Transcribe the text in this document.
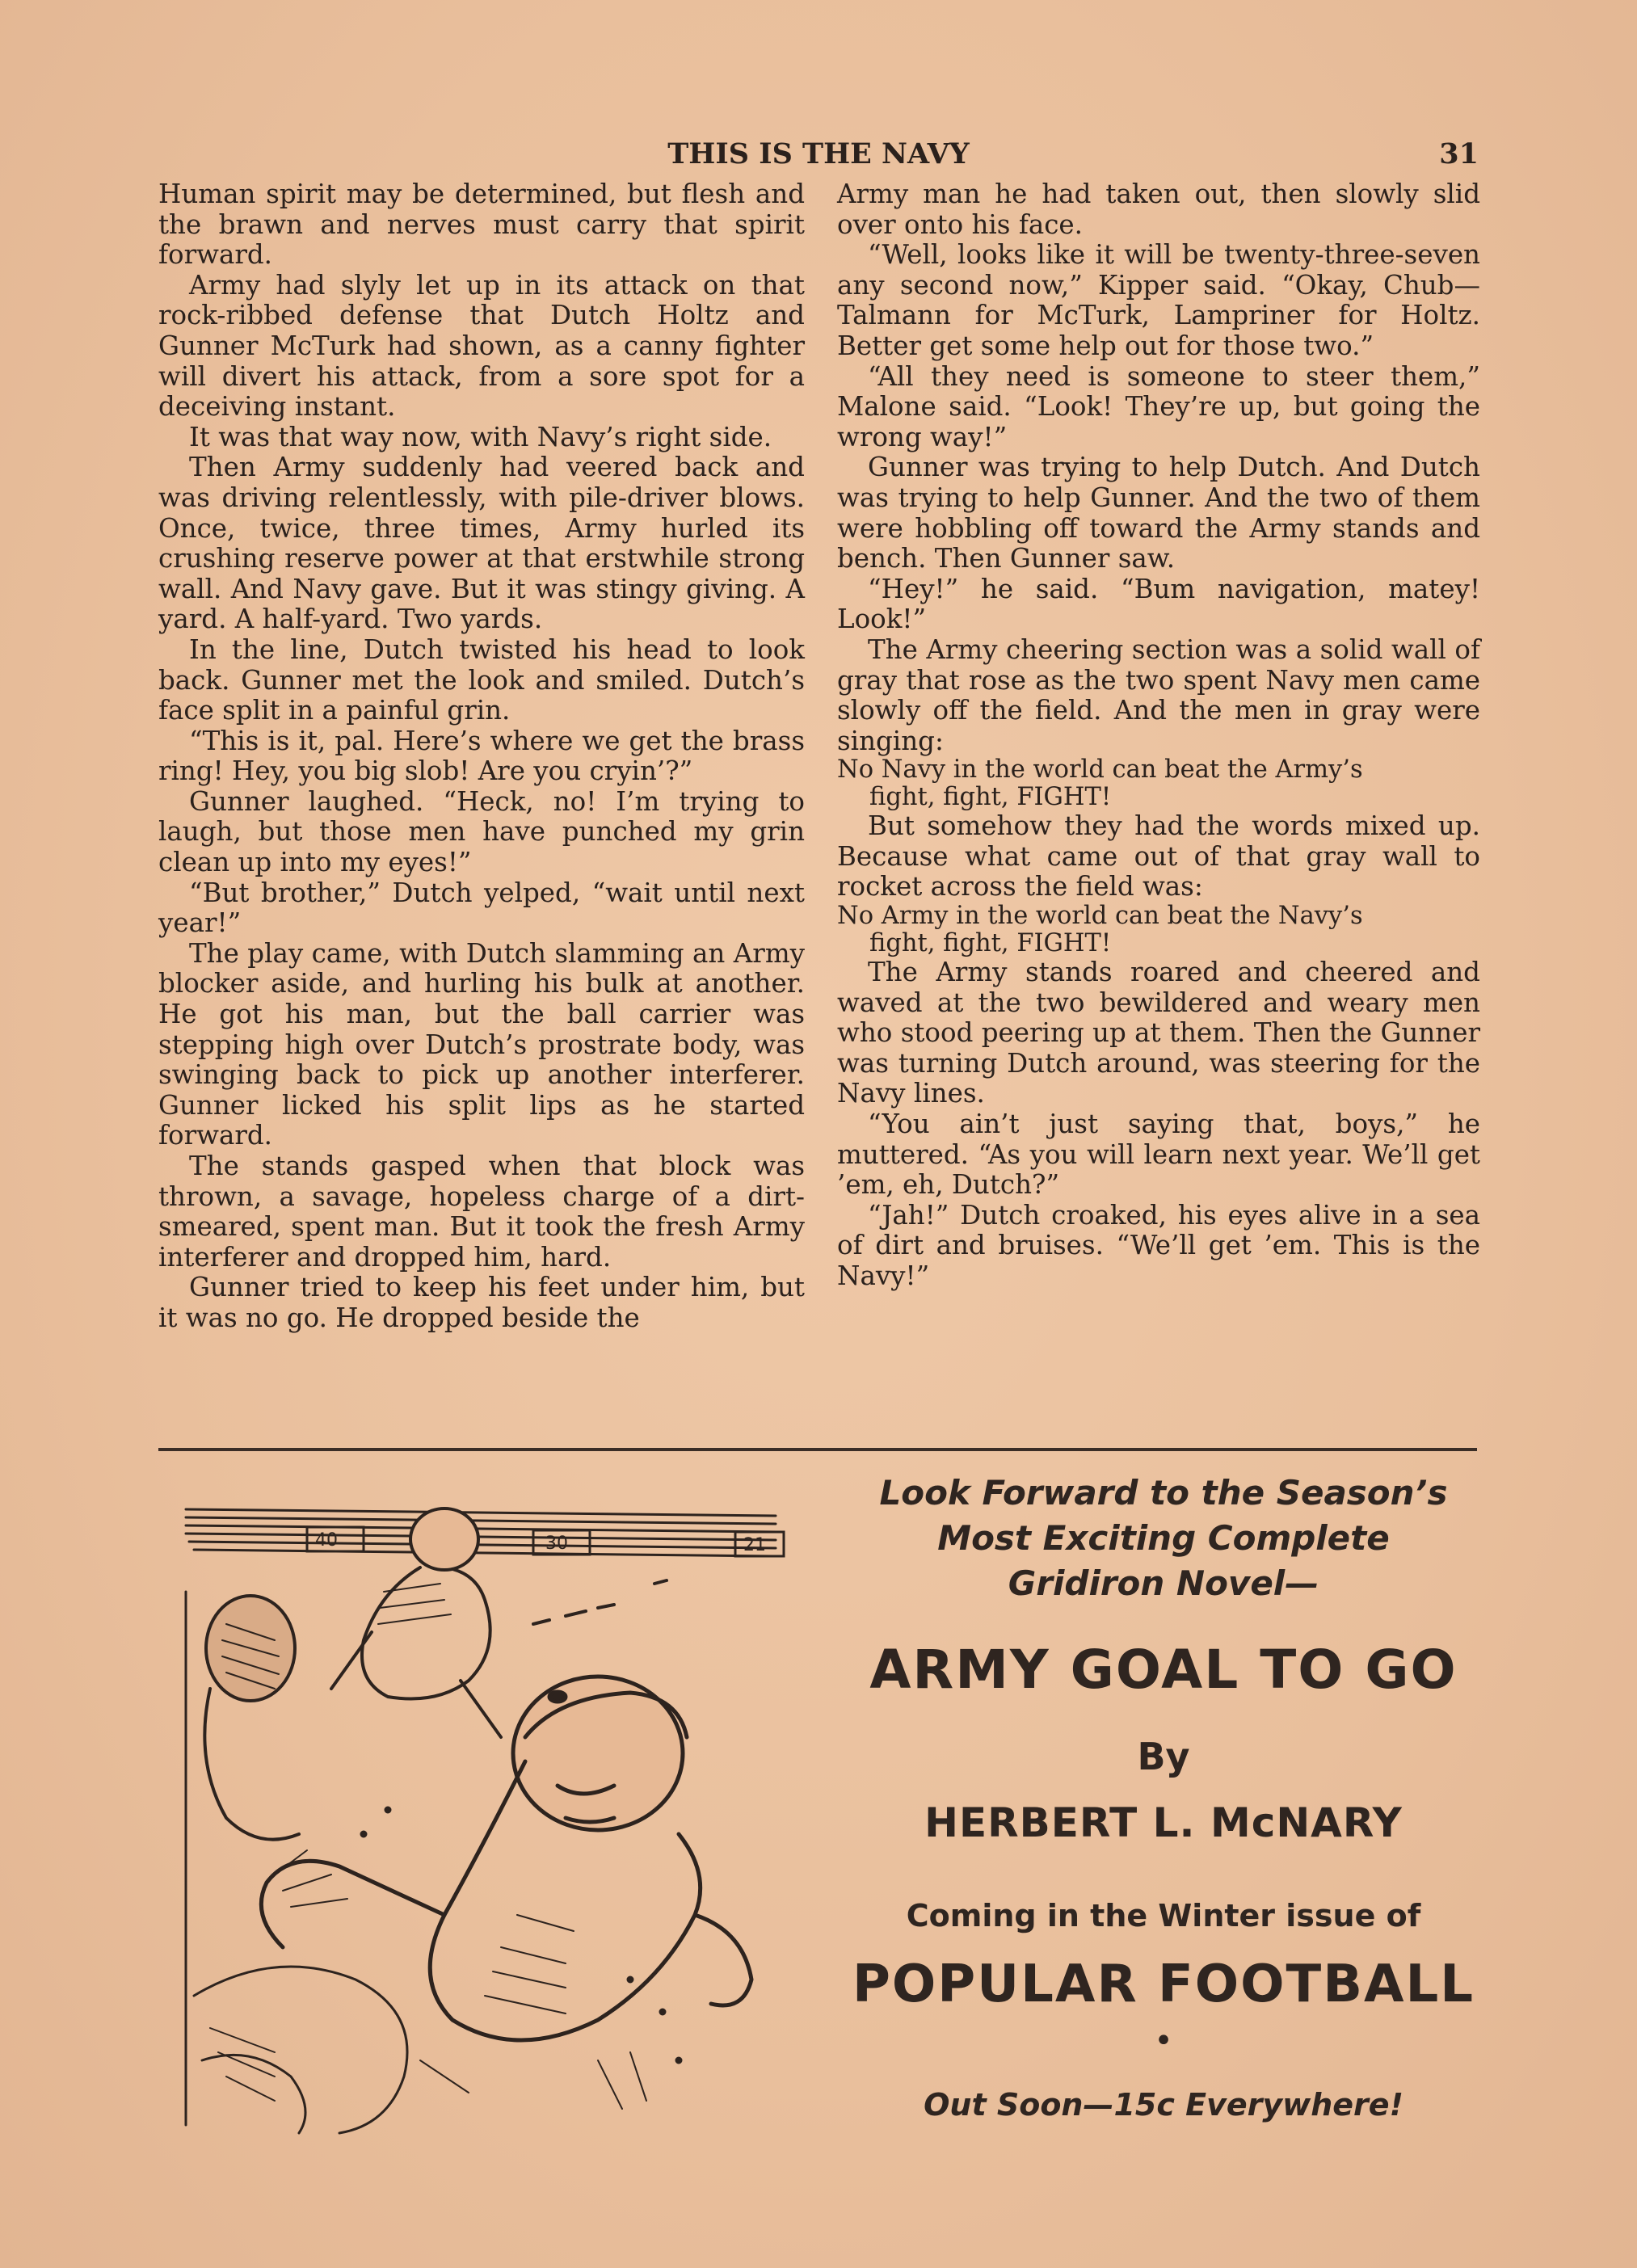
THIS IS THE NAVY	31

Human spirit may be determined, but flesh and the brawn and nerves must carry that spirit forward.

Army had slyly let up in its attack on that rock-ribbed defense that Dutch Holtz and Gunner McTurk had shown, as a canny fighter will divert his attack, from a sore spot for a deceiving instant.

It was that way now, with Navy’s right side.

Then Army suddenly had veered back and was driving relentlessly, with pile-driver blows. Once, twice, three times, Army hurled its crushing reserve power at that erstwhile strong wall. And Navy gave. But it was stingy giving. A yard. A half-yard. Two yards.

In the line, Dutch twisted his head to look back. Gunner met the look and smiled. Dutch’s face split in a painful grin.

“This is it, pal. Here’s where we get the brass ring! Hey, you big slob! Are you cryin’?”

Gunner laughed. “Heck, no! I’m trying to laugh, but those men have punched my grin clean up into my eyes!”

“But brother,” Dutch yelped, “wait until next year!”

The play came, with Dutch slamming an Army blocker aside, and hurling his bulk at another. He got his man, but the ball carrier was stepping high over Dutch’s prostrate body, was swinging back to pick up another interferer. Gunner licked his split lips as he started forward.

The stands gasped when that block was thrown, a savage, hopeless charge of a dirt-smeared, spent man. But it took the fresh Army interferer and dropped him, hard.

Gunner tried to keep his feet under him, but it was no go. He dropped beside the

Army man he had taken out, then slowly slid over onto his face.

“Well, looks like it will be twenty-three-seven any second now,” Kipper said. “Okay, Chub—Talmann for McTurk, Lampriner for Holtz. Better get some help out for those two.”

“All they need is someone to steer them,” Malone said. “Look! They’re up, but going the wrong way!”

Gunner was trying to help Dutch. And Dutch was trying to help Gunner. And the two of them were hobbling off toward the Army stands and bench. Then Gunner saw.

“Hey!” he said. “Bum navigation, matey! Look!”

The Army cheering section was a solid wall of gray that rose as the two spent Navy men came slowly off the field. And the men in gray were singing:

No Navy in the world can beat the Army’s
fight, fight, FIGHT!

But somehow they had the words mixed up. Because what came out of that gray wall to rocket across the field was:

No Army in the world can beat the Navy’s
fight, fight, FIGHT!

The Army stands roared and cheered and waved at the two bewildered and weary men who stood peering up at them. Then the Gunner was turning Dutch around, was steering for the Navy lines.

“You ain’t just saying that, boys,” he muttered. “As you will learn next year. We’ll get ’em, eh, Dutch?”

“Jah!” Dutch croaked, his eyes alive in a sea of dirt and bruises. “We’ll get ’em. This is the Navy!”

40	30	21
Look Forward to the Season’s
Most Exciting Complete
Gridiron Novel—
ARMY GOAL TO GO
By
HERBERT L. McNARY
Coming in the Winter issue of
POPULAR FOOTBALL
•
Out Soon—15c Everywhere!
